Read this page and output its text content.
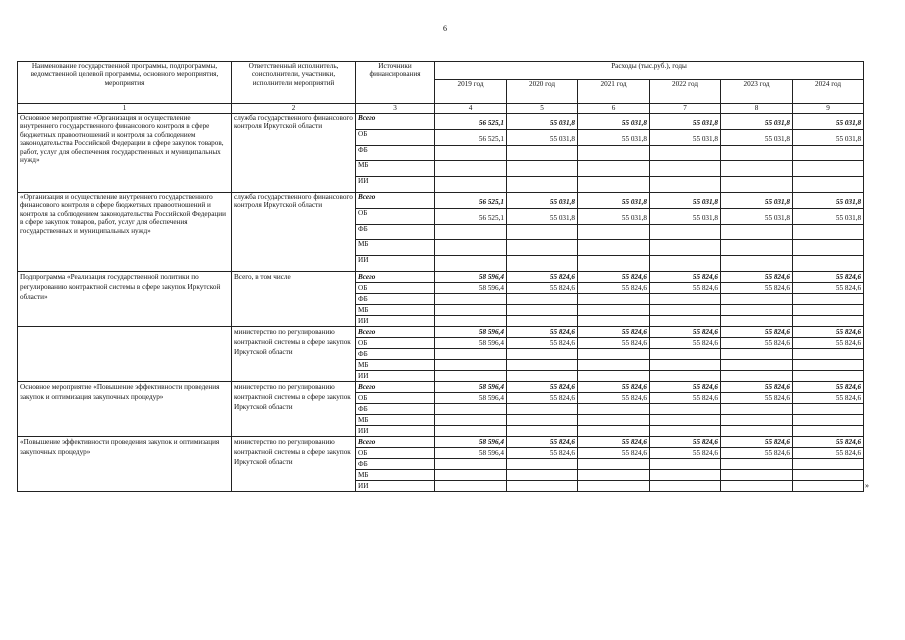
6
Наименование государственной программы, подпрограммы, ведомственной целевой программы, основного мероприятия, мероприятия	Ответственный исполнитель, соисполнители, участники, исполнители мероприятий	Источники финансирования	Расходы (тыс.руб.), годы					
			2019 год	2020 год	2021 год	2022 год	2023 год	2024 год
1	2	3	4	5	6	7	8	9
Основное мероприятие «Организация и осуществление внутреннего государственного финансового контроля в сфере бюджетных правоотношений и контроля за соблюдением законодательства Российской Федерации в сфере закупок товаров, работ, услуг для обеспечения государственных и муниципальных нужд»	служба государственного финансового контроля Иркутской области	Всего	56 525,1	55 031,8	55 031,8	55 031,8	55 031,8	55 031,8
		ОБ	56 525,1	55 031,8	55 031,8	55 031,8	55 031,8	55 031,8
		ФБ						
		МБ						
		ИИ						
«Организация и осуществление внутреннего государственного финансового контроля в сфере бюджетных правоотношений и контроля за соблюдением законодательства Российской Федерации в сфере закупок товаров, работ, услуг для обеспечения государственных и муниципальных нужд»	служба государственного финансового контроля Иркутской области	Всего	56 525,1	55 031,8	55 031,8	55 031,8	55 031,8	55 031,8
		ОБ	56 525,1	55 031,8	55 031,8	55 031,8	55 031,8	55 031,8
		ФБ						
		МБ						
		ИИ						
Подпрограмма «Реализация государственной политики по регулированию контрактной системы в сфере закупок Иркутской области»	Всего, в том числе	Всего	58 596,4	55 824,6	55 824,6	55 824,6	55 824,6	55 824,6
		ОБ	58 596,4	55 824,6	55 824,6	55 824,6	55 824,6	55 824,6
		ФБ						
		МБ						
		ИИ						
	министерство по регулированию контрактной системы в сфере закупок Иркутской области	Всего	58 596,4	55 824,6	55 824,6	55 824,6	55 824,6	55 824,6
		ОБ	58 596,4	55 824,6	55 824,6	55 824,6	55 824,6	55 824,6
		ФБ						
		МБ						
		ИИ						
Основное мероприятие «Повышение эффективности проведения закупок и оптимизация закупочных процедур»	министерство по регулированию контрактной системы в сфере закупок Иркутской области	Всего	58 596,4	55 824,6	55 824,6	55 824,6	55 824,6	55 824,6
		ОБ	58 596,4	55 824,6	55 824,6	55 824,6	55 824,6	55 824,6
		ФБ						
		МБ						
		ИИ						
«Повышение эффективности проведения закупок и оптимизация закупочных процедур»	министерство по регулированию контрактной системы в сфере закупок Иркутской области	Всего	58 596,4	55 824,6	55 824,6	55 824,6	55 824,6	55 824,6
		ОБ	58 596,4	55 824,6	55 824,6	55 824,6	55 824,6	55 824,6
		ФБ						
		МБ						
		ИИ							»
